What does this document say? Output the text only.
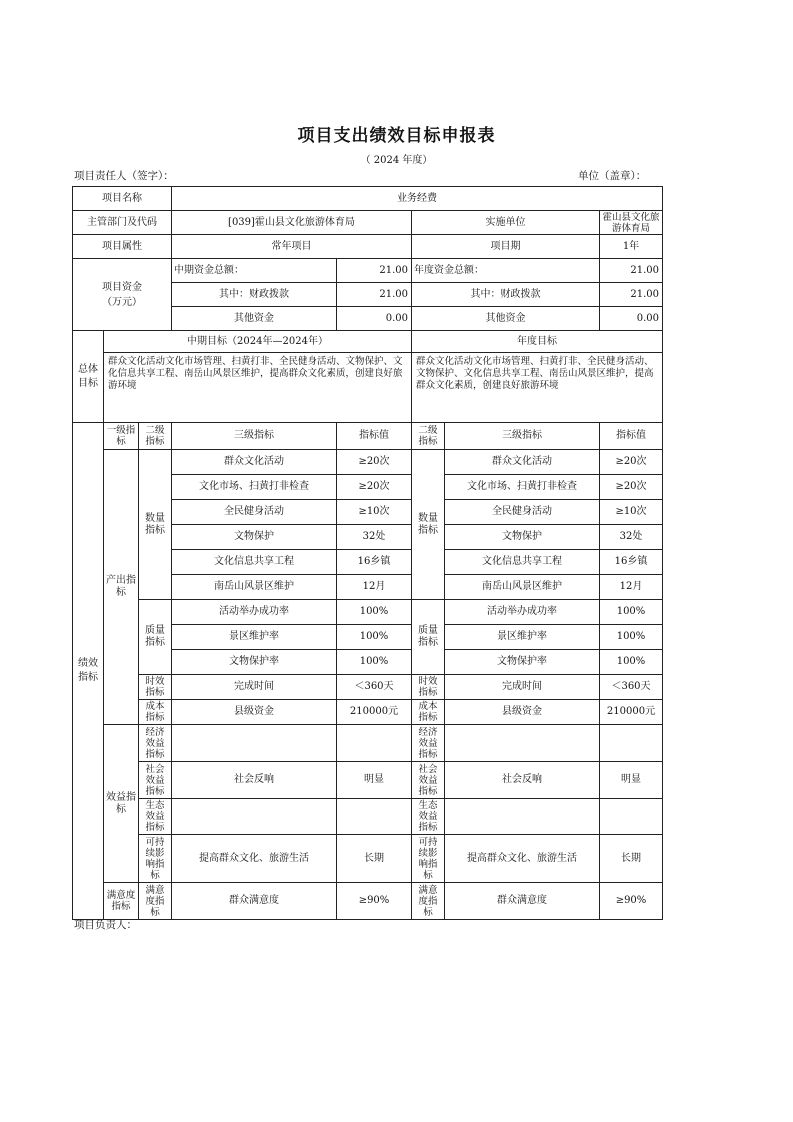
项目支出绩效目标申报表
（ 2024 年度）
项目责任人（签字）：	单位（盖章）：
项目名称			业务经费				
主管部门及代码			[039]霍山县文化旅游体育局		实施单位		霍山县文化旅游体育局
项目属性			常年项目		项目期		1年
项目资金
（万元）			中期资金总额：	21.00	年度资金总额：		21.00
			其中：财政拨款	21.00	其中：财政拨款		21.00
			其他资金	0.00	其他资金		0.00
总体目标	中期目标（2024年—2024年）				年度目标		
	群众文化活动文化市场管理、扫黄打非、全民健身活动、文物保护、文化信息共享工程、南岳山风景区维护，提高群众文化素质，创建良好旅游环境				群众文化活动文化市场管理、扫黄打非、全民健身活动、文物保护、文化信息共享工程、南岳山风景区维护，提高群众文化素质，创建良好旅游环境		
绩效指标	一级指标	二级指标	三级指标	指标值	二级指标	三级指标	指标值
	产出指标	数量指标	群众文化活动	≥20次	数量指标	群众文化活动	≥20次
			文化市场、扫黄打非检查	≥20次		文化市场、扫黄打非检查	≥20次
			全民健身活动	≥10次		全民健身活动	≥10次
			文物保护	32处		文物保护	32处
			文化信息共享工程	16乡镇		文化信息共享工程	16乡镇
			南岳山风景区维护	12月		南岳山风景区维护	12月
		质量指标	活动举办成功率	100%	质量指标	活动举办成功率	100%
			景区维护率	100%		景区维护率	100%
			文物保护率	100%		文物保护率	100%
		时效指标	完成时间	＜360天	时效指标	完成时间	＜360天
		成本指标	县级资金	210000元	成本指标	县级资金	210000元
	效益指标	经济效益指标			经济效益指标		
		社会效益指标	社会反响	明显	社会效益指标	社会反响	明显
		生态效益指标			生态效益指标		
		可持续影响指标	提高群众文化、旅游生活	长期	可持续影响指标	提高群众文化、旅游生活	长期
	满意度指标	满意度指标	群众满意度	≥90%	满意度指标	群众满意度	≥90%
项目负责人：
